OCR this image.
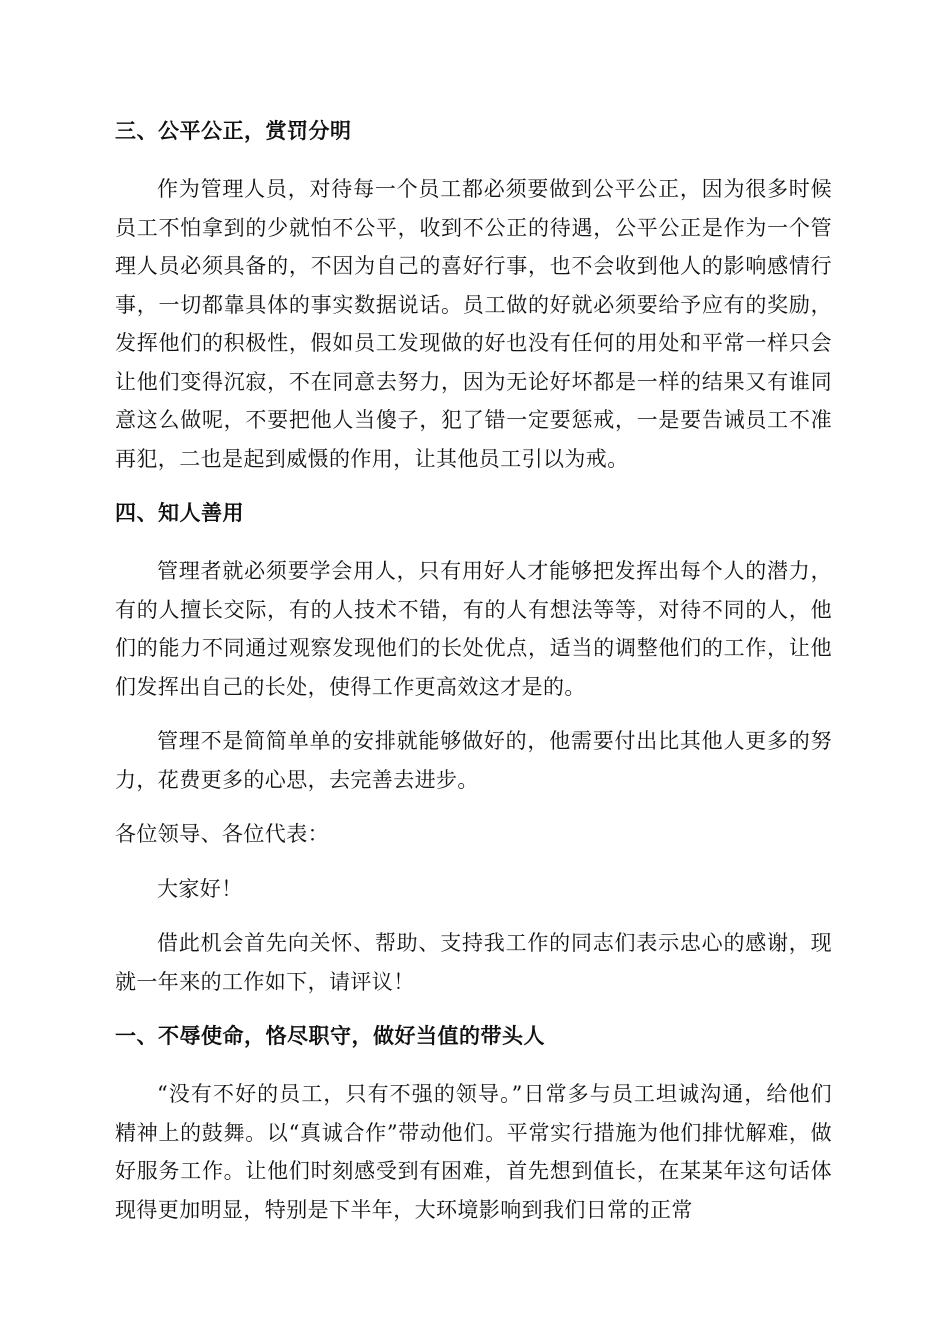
三、公平公正，赏罚分明

作为管理人员，对待每一个员工都必须要做到公平公正，因为很多时候员工不怕拿到的少就怕不公平，收到不公正的待遇，公平公正是作为一个管理人员必须具备的，不因为自己的喜好行事，也不会收到他人的影响感情行事，一切都靠具体的事实数据说话。员工做的好就必须要给予应有的奖励，发挥他们的积极性，假如员工发现做的好也没有任何的用处和平常一样只会让他们变得沉寂，不在同意去努力，因为无论好坏都是一样的结果又有谁同意这么做呢，不要把他人当傻子，犯了错一定要惩戒，一是要告诫员工不准再犯，二也是起到威慑的作用，让其他员工引以为戒。

四、知人善用

管理者就必须要学会用人，只有用好人才能够把发挥出每个人的潜力，有的人擅长交际，有的人技术不错，有的人有想法等等，对待不同的人，他们的能力不同通过观察发现他们的长处优点，适当的调整他们的工作，让他们发挥出自己的长处，使得工作更高效这才是的。

管理不是简简单单的安排就能够做好的，他需要付出比其他人更多的努力，花费更多的心思，去完善去进步。

各位领导、各位代表：

大家好！

借此机会首先向关怀、帮助、支持我工作的同志们表示忠心的感谢，现就一年来的工作如下，请评议！

一、不辱使命，恪尽职守，做好当值的带头人

“没有不好的员工，只有不强的领导。”日常多与员工坦诚沟通，给他们精神上的鼓舞。以“真诚合作”带动他们。平常实行措施为他们排忧解难，做好服务工作。让他们时刻感受到有困难，首先想到值长，在某某年这句话体现得更加明显，特别是下半年，大环境影响到我们日常的正常
